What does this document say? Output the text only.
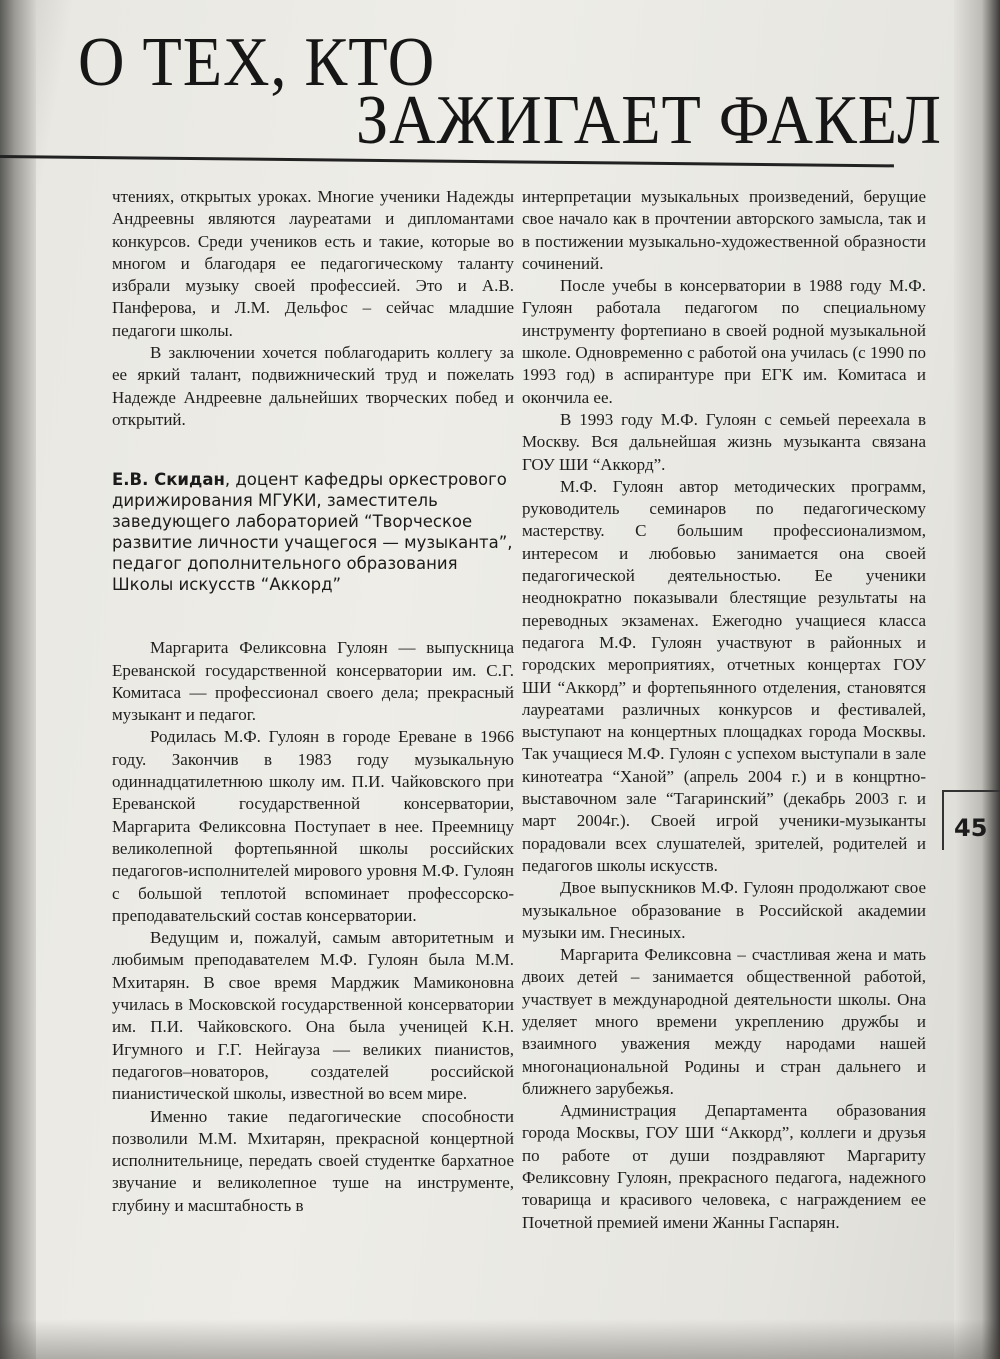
О ТЕХ, КТО
ЗАЖИГАЕТ ФАКЕЛ

чтениях, открытых уроках. Многие ученики Надежды Андреевны являются лауреатами и дипломантами конкурсов. Среди учеников есть и такие, которые во многом и благодаря ее педагогическому таланту избрали музыку своей профессией. Это и А.В. Панферова, и Л.М. Дельфос – сейчас младшие педагоги школы.

В заключении хочется поблагодарить коллегу за ее яркий талант, подвижнический труд и пожелать Надежде Андреевне дальнейших творческих побед и открытий.

Е.В. Скидан, доцент кафедры оркестрового дирижирования МГУКИ, заместитель заведующего лабораторией “Творческое развитие личности учащегося — музыканта”, педагог дополнительного образования Школы искусств “Аккорд”

Маргарита Феликсовна Гулоян — выпускница Ереванской государственной консерватории им. С.Г. Комитаса — профессионал своего дела; прекрасный музыкант и педагог.

Родилась М.Ф. Гулоян в городе Ереване в 1966 году. Закончив в 1983 году музыкальную одиннадцатилетнюю школу им. П.И. Чайковского при Ереванской государственной консерватории, Маргарита Феликсовна Поступает в нее. Преемницу великолепной фортепьянной школы российских педагогов-исполнителей мирового уровня М.Ф. Гулоян с большой теплотой вспоминает профессорско-преподавательский состав консерватории.

Ведущим и, пожалуй, самым авторитетным и любимым преподавателем М.Ф. Гулоян была М.М. Мхитарян. В свое время Марджик Мамиконовна училась в Московской государственной консерватории им. П.И. Чайковского. Она была ученицей К.Н. Игумного и Г.Г. Нейгауза — великих пианистов, педагогов–новаторов, создателей российской пианистической школы, известной во всем мире.

Именно такие педагогические способности позволили М.М. Мхитарян, прекрасной концертной исполнительнице, передать своей студентке бархатное звучание и великолепное туше на инструменте, глубину и масштабность в

интерпретации музыкальных произведений, берущие свое начало как в прочтении авторского замысла, так и в постижении музыкально-художественной образности сочинений.

После учебы в консерватории в 1988 году М.Ф. Гулоян работала педагогом по специальному инструменту фортепиано в своей родной музыкальной школе. Одновременно с работой она училась (с 1990 по 1993 год) в аспирантуре при ЕГК им. Комитаса и окончила ее.

В 1993 году М.Ф. Гулоян с семьей переехала в Москву. Вся дальнейшая жизнь музыканта связана ГОУ ШИ “Аккорд”.

М.Ф. Гулоян автор методических программ, руководитель семинаров по педагогическому мастерству. С большим профессионализмом, интересом и любовью занимается она своей педагогической деятельностью. Ее ученики неоднократно показывали блестящие результаты на переводных экзаменах. Ежегодно учащиеся класса педагога М.Ф. Гулоян участвуют в районных и городских мероприятиях, отчетных концертах ГОУ ШИ “Аккорд” и фортепьянного отделения, становятся лауреатами различных конкурсов и фестивалей, выступают на концертных площадках города Москвы. Так учащиеся М.Ф. Гулоян с успехом выступали в зале кинотеатра “Ханой” (апрель 2004 г.) и в концртно-выставочном зале “Тагаринский” (декабрь 2003 г. и март 2004г.). Своей игрой ученики-музыканты порадовали всех слушателей, зрителей, родителей и педагогов школы искусств.

Двое выпускников М.Ф. Гулоян продолжают свое музыкальное образование в Российской академии музыки им. Гнесиных.

Маргарита Феликсовна – счастливая жена и мать двоих детей – занимается общественной работой, участвует в международной деятельности школы. Она уделяет много времени укреплению дружбы и взаимного уважения между народами нашей многонациональной Родины и стран дальнего и ближнего зарубежья.

Администрация Департамента образования города Москвы, ГОУ ШИ “Аккорд”, коллеги и друзья по работе от души поздравляют Маргариту Феликсовну Гулоян, прекрасного педагога, надежного товарища и красивого человека, с награждением ее Почетной премией имени Жанны Гаспарян.

45
